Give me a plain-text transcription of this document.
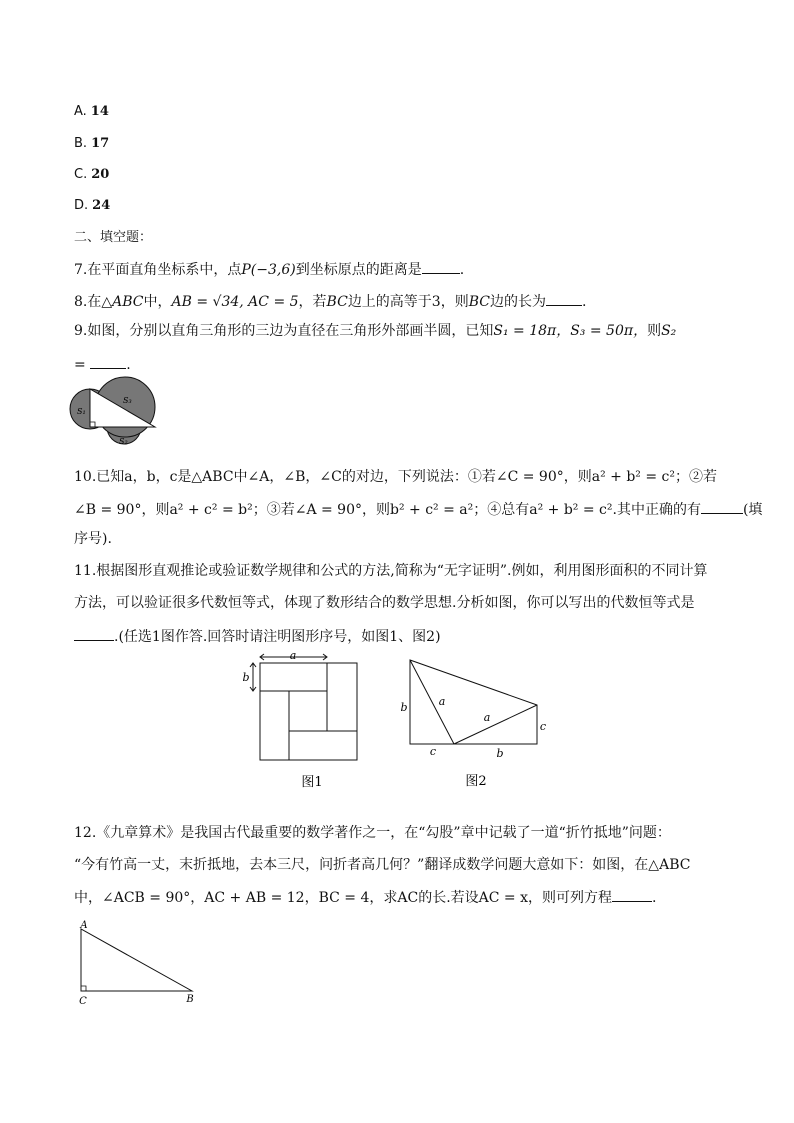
A. 14
B. 17
C. 20
D. 24
二、填空题：
7.在平面直角坐标系中，点P(−3,6)到坐标原点的距离是	.
8.在△ABC中，AB = √34, AC = 5，若BC边上的高等于3，则BC边的长为	.
9.如图，分别以直角三角形的三边为直径在三角形外部画半圆，已知S₁ = 18π，S₃ = 50π，则S₂
=	.
S₁
S₂
S₃
10.已知a，b，c是△ABC中∠A，∠B，∠C的对边，下列说法：①若∠C = 90°，则a² + b² = c²；②若
∠B = 90°，则a² + c² = b²；③若∠A = 90°，则b² + c² = a²；④总有a² + b² = c².其中正确的有	(填
序号).
11.根据图形直观推论或验证数学规律和公式的方法,简称为“无字证明”.例如，利用图形面积的不同计算
方法，可以验证很多代数恒等式，体现了数形结合的数学思想.分析如图，你可以写出的代数恒等式是
.(任选1图作答.回答时请注明图形序号，如图1、图2)
a
b
图1
a
a
b
b
c
c
图2
12.《九章算术》是我国古代最重要的数学著作之一，在“勾股”章中记载了一道“折竹抵地”问题：
“今有竹高一丈，末折抵地，去本三尺，问折者高几何？”翻译成数学问题大意如下：如图，在△ABC
中，∠ACB = 90°，AC + AB = 12，BC = 4，求AC的长.若设AC = x，则可列方程	.
A
C	B
